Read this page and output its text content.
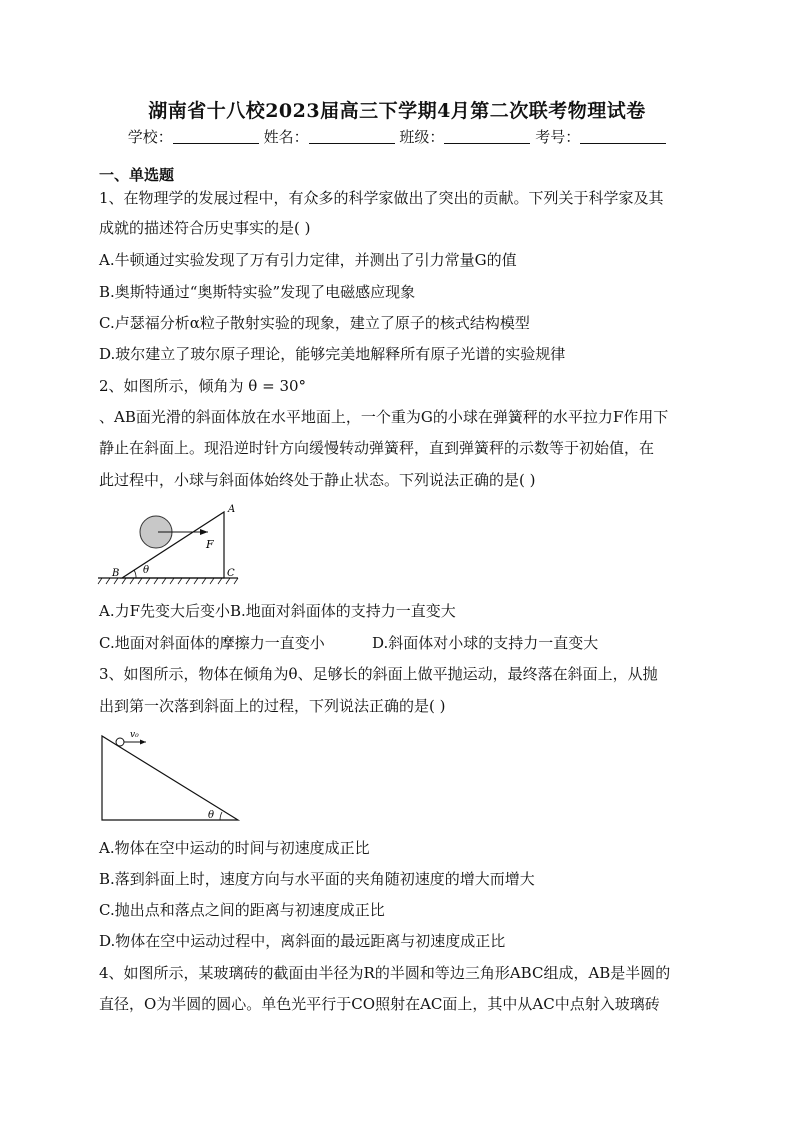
湖南省十八校2023届高三下学期4月第二次联考物理试卷
学校：	姓名：	班级：	考号：
一、单选题
1、在物理学的发展过程中，有众多的科学家做出了突出的贡献。下列关于科学家及其
成就的描述符合历史事实的是( )
A.牛顿通过实验发现了万有引力定律，并测出了引力常量G的值
B.奥斯特通过“奥斯特实验”发现了电磁感应现象
C.卢瑟福分析α粒子散射实验的现象，建立了原子的核式结构模型
D.玻尔建立了玻尔原子理论，能够完美地解释所有原子光谱的实验规律
2、如图所示，倾角为 θ = 30°
、AB面光滑的斜面体放在水平地面上，一个重为G的小球在弹簧秤的水平拉力F作用下
静止在斜面上。现沿逆时针方向缓慢转动弹簧秤，直到弹簧秤的示数等于初始值，在
此过程中，小球与斜面体始终处于静止状态。下列说法正确的是( )
A
B	C
F
θ
A.力F先变大后变小B.地面对斜面体的支持力一直变大
C.地面对斜面体的摩擦力一直变小	D.斜面体对小球的支持力一直变大
3、如图所示，物体在倾角为θ、足够长的斜面上做平抛运动，最终落在斜面上，从抛
出到第一次落到斜面上的过程，下列说法正确的是( )
v₀
θ
A.物体在空中运动的时间与初速度成正比
B.落到斜面上时，速度方向与水平面的夹角随初速度的增大而增大
C.抛出点和落点之间的距离与初速度成正比
D.物体在空中运动过程中，离斜面的最远距离与初速度成正比
4、如图所示，某玻璃砖的截面由半径为R的半圆和等边三角形ABC组成，AB是半圆的
直径，O为半圆的圆心。单色光平行于CO照射在AC面上，其中从AC中点射入玻璃砖
